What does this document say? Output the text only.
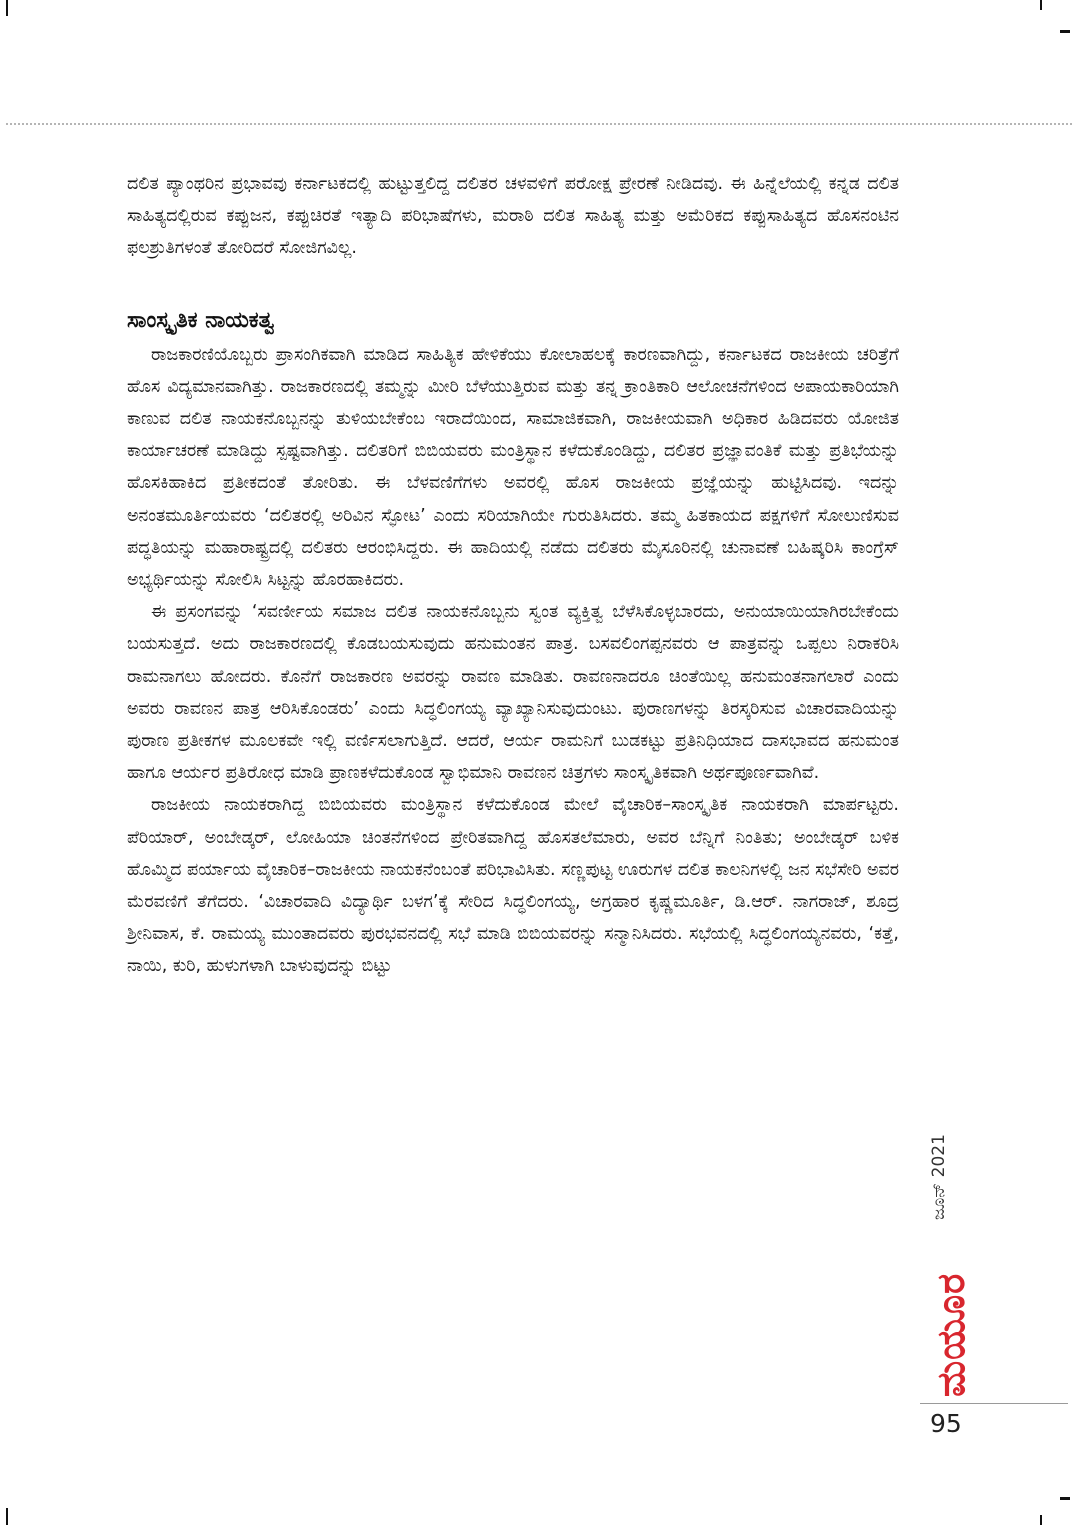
ದಲಿತ ಪ್ಯಾಂಥರಿನ ಪ್ರಭಾವವು ಕರ್ನಾಟಕದಲ್ಲಿ ಹುಟ್ಟುತ್ತಲಿದ್ದ ದಲಿತರ ಚಳವಳಿಗೆ ಪರೋಕ್ಷ ಪ್ರೇರಣೆ ನೀಡಿದವು. ಈ ಹಿನ್ನೆಲೆಯಲ್ಲಿ ಕನ್ನಡ ದಲಿತ ಸಾಹಿತ್ಯದಲ್ಲಿರುವ ಕಪ್ಪುಜನ, ಕಪ್ಪುಚಿರತೆ ಇತ್ಯಾದಿ ಪರಿಭಾಷೆಗಳು, ಮರಾಠಿ ದಲಿತ ಸಾಹಿತ್ಯ ಮತ್ತು ಅಮೆರಿಕದ ಕಪ್ಪುಸಾಹಿತ್ಯದ ಹೊಸನಂಟಿನ ಫಲಶ್ರುತಿಗಳಂತೆ ತೋರಿದರೆ ಸೋಜಿಗವಿಲ್ಲ.

ಸಾಂಸ್ಕೃತಿಕ ನಾಯಕತ್ವ

ರಾಜಕಾರಣಿಯೊಬ್ಬರು ಪ್ರಾಸಂಗಿಕವಾಗಿ ಮಾಡಿದ ಸಾಹಿತ್ಯಿಕ ಹೇಳಿಕೆಯು ಕೋಲಾಹಲಕ್ಕೆ ಕಾರಣವಾಗಿದ್ದು, ಕರ್ನಾಟಕದ ರಾಜಕೀಯ ಚರಿತ್ರೆಗೆ ಹೊಸ ವಿದ್ಯಮಾನವಾಗಿತ್ತು. ರಾಜಕಾರಣದಲ್ಲಿ ತಮ್ಮನ್ನು ಮೀರಿ ಬೆಳೆಯುತ್ತಿರುವ ಮತ್ತು ತನ್ನ ಕ್ರಾಂತಿಕಾರಿ ಆಲೋಚನೆಗಳಿಂದ ಅಪಾಯಕಾರಿಯಾಗಿ ಕಾಣುವ ದಲಿತ ನಾಯಕನೊಬ್ಬನನ್ನು ತುಳಿಯಬೇಕೆಂಬ ಇರಾದೆಯಿಂದ, ಸಾಮಾಜಿಕವಾಗಿ, ರಾಜಕೀಯವಾಗಿ ಅಧಿಕಾರ ಹಿಡಿದವರು ಯೋಜಿತ ಕಾರ್ಯಾಚರಣೆ ಮಾಡಿದ್ದು ಸ್ಪಷ್ಟವಾಗಿತ್ತು. ದಲಿತರಿಗೆ ಬಿಬಿಯವರು ಮಂತ್ರಿಸ್ಥಾನ ಕಳೆದುಕೊಂಡಿದ್ದು, ದಲಿತರ ಪ್ರಜ್ಞಾವಂತಿಕೆ ಮತ್ತು ಪ್ರತಿಭೆಯನ್ನು ಹೊಸಕಿಹಾಕಿದ ಪ್ರತೀಕದಂತೆ ತೋರಿತು. ಈ ಬೆಳವಣಿಗೆಗಳು ಅವರಲ್ಲಿ ಹೊಸ ರಾಜಕೀಯ ಪ್ರಜ್ಞೆಯನ್ನು ಹುಟ್ಟಿಸಿದವು. ಇದನ್ನು ಅನಂತಮೂರ್ತಿಯವರು ‘ದಲಿತರಲ್ಲಿ ಅರಿವಿನ ಸ್ಫೋಟ’ ಎಂದು ಸರಿಯಾಗಿಯೇ ಗುರುತಿಸಿದರು. ತಮ್ಮ ಹಿತಕಾಯದ ಪಕ್ಷಗಳಿಗೆ ಸೋಲುಣಿಸುವ ಪದ್ಧತಿಯನ್ನು ಮಹಾರಾಷ್ಟ್ರದಲ್ಲಿ ದಲಿತರು ಆರಂಭಿಸಿದ್ದರು. ಈ ಹಾದಿಯಲ್ಲಿ ನಡೆದು ದಲಿತರು ಮೈಸೂರಿನಲ್ಲಿ ಚುನಾವಣೆ ಬಹಿಷ್ಕರಿಸಿ ಕಾಂಗ್ರೆಸ್ ಅಭ್ಯರ್ಥಿಯನ್ನು ಸೋಲಿಸಿ ಸಿಟ್ಟನ್ನು ಹೊರಹಾಕಿದರು.

ಈ ಪ್ರಸಂಗವನ್ನು ‘ಸವರ್ಣೀಯ ಸಮಾಜ ದಲಿತ ನಾಯಕನೊಬ್ಬನು ಸ್ವಂತ ವ್ಯಕ್ತಿತ್ವ ಬೆಳೆಸಿಕೊಳ್ಳಬಾರದು, ಅನುಯಾಯಿಯಾಗಿರಬೇಕೆಂದು ಬಯಸುತ್ತದೆ. ಅದು ರಾಜಕಾರಣದಲ್ಲಿ ಕೊಡಬಯಸುವುದು ಹನುಮಂತನ ಪಾತ್ರ. ಬಸವಲಿಂಗಪ್ಪನವರು ಆ ಪಾತ್ರವನ್ನು ಒಪ್ಪಲು ನಿರಾಕರಿಸಿ ರಾಮನಾಗಲು ಹೋದರು. ಕೊನೆಗೆ ರಾಜಕಾರಣ ಅವರನ್ನು ರಾವಣ ಮಾಡಿತು. ರಾವಣನಾದರೂ ಚಿಂತೆಯಿಲ್ಲ ಹನುಮಂತನಾಗಲಾರೆ ಎಂದು ಅವರು ರಾವಣನ ಪಾತ್ರ ಆರಿಸಿಕೊಂಡರು’ ಎಂದು ಸಿದ್ಧಲಿಂಗಯ್ಯ ವ್ಯಾಖ್ಯಾನಿಸುವುದುಂಟು. ಪುರಾಣಗಳನ್ನು ತಿರಸ್ಕರಿಸುವ ವಿಚಾರವಾದಿಯನ್ನು ಪುರಾಣ ಪ್ರತೀಕಗಳ ಮೂಲಕವೇ ಇಲ್ಲಿ ವರ್ಣಿಸಲಾಗುತ್ತಿದೆ. ಆದರೆ, ಆರ್ಯ ರಾಮನಿಗೆ ಬುಡಕಟ್ಟು ಪ್ರತಿನಿಧಿಯಾದ ದಾಸಭಾವದ ಹನುಮಂತ ಹಾಗೂ ಆರ್ಯರ ಪ್ರತಿರೋಧ ಮಾಡಿ ಪ್ರಾಣಕಳೆದುಕೊಂಡ ಸ್ವಾಭಿಮಾನಿ ರಾವಣನ ಚಿತ್ರಗಳು ಸಾಂಸ್ಕೃತಿಕವಾಗಿ ಅರ್ಥಪೂರ್ಣವಾಗಿವೆ.

ರಾಜಕೀಯ ನಾಯಕರಾಗಿದ್ದ ಬಿಬಿಯವರು ಮಂತ್ರಿಸ್ಥಾನ ಕಳೆದುಕೊಂಡ ಮೇಲೆ ವೈಚಾರಿಕ–ಸಾಂಸ್ಕೃತಿಕ ನಾಯಕರಾಗಿ ಮಾರ್ಪಟ್ಟರು. ಪೆರಿಯಾರ್, ಅಂಬೇಡ್ಕರ್, ಲೋಹಿಯಾ ಚಿಂತನೆಗಳಿಂದ ಪ್ರೇರಿತವಾಗಿದ್ದ ಹೊಸತಲೆಮಾರು, ಅವರ ಬೆನ್ನಿಗೆ ನಿಂತಿತು; ಅಂಬೇಡ್ಕರ್ ಬಳಿಕ ಹೊಮ್ಮಿದ ಪರ್ಯಾಯ ವೈಚಾರಿಕ–ರಾಜಕೀಯ ನಾಯಕನೆಂಬಂತೆ ಪರಿಭಾವಿಸಿತು. ಸಣ್ಣಪುಟ್ಟ ಊರುಗಳ ದಲಿತ ಕಾಲನಿಗಳಲ್ಲಿ ಜನ ಸಭೆಸೇರಿ ಅವರ ಮೆರವಣಿಗೆ ತೆಗೆದರು. ‘ವಿಚಾರವಾದಿ ವಿದ್ಯಾರ್ಥಿ ಬಳಗ’ಕ್ಕೆ ಸೇರಿದ ಸಿದ್ಧಲಿಂಗಯ್ಯ, ಅಗ್ರಹಾರ ಕೃಷ್ಣಮೂರ್ತಿ, ಡಿ.ಆರ್. ನಾಗರಾಜ್, ಶೂದ್ರ ಶ್ರೀನಿವಾಸ, ಕೆ. ರಾಮಯ್ಯ ಮುಂತಾದವರು ಪುರಭವನದಲ್ಲಿ ಸಭೆ ಮಾಡಿ ಬಿಬಿಯವರನ್ನು ಸನ್ಮಾನಿಸಿದರು. ಸಭೆಯಲ್ಲಿ ಸಿದ್ಧಲಿಂಗಯ್ಯನವರು, ‘ಕತ್ತೆ, ನಾಯಿ, ಕುರಿ, ಹುಳುಗಳಾಗಿ ಬಾಳುವುದನ್ನು ಬಿಟ್ಟು

ಜೂನ್ 2021
ಮಯೂರ
95
